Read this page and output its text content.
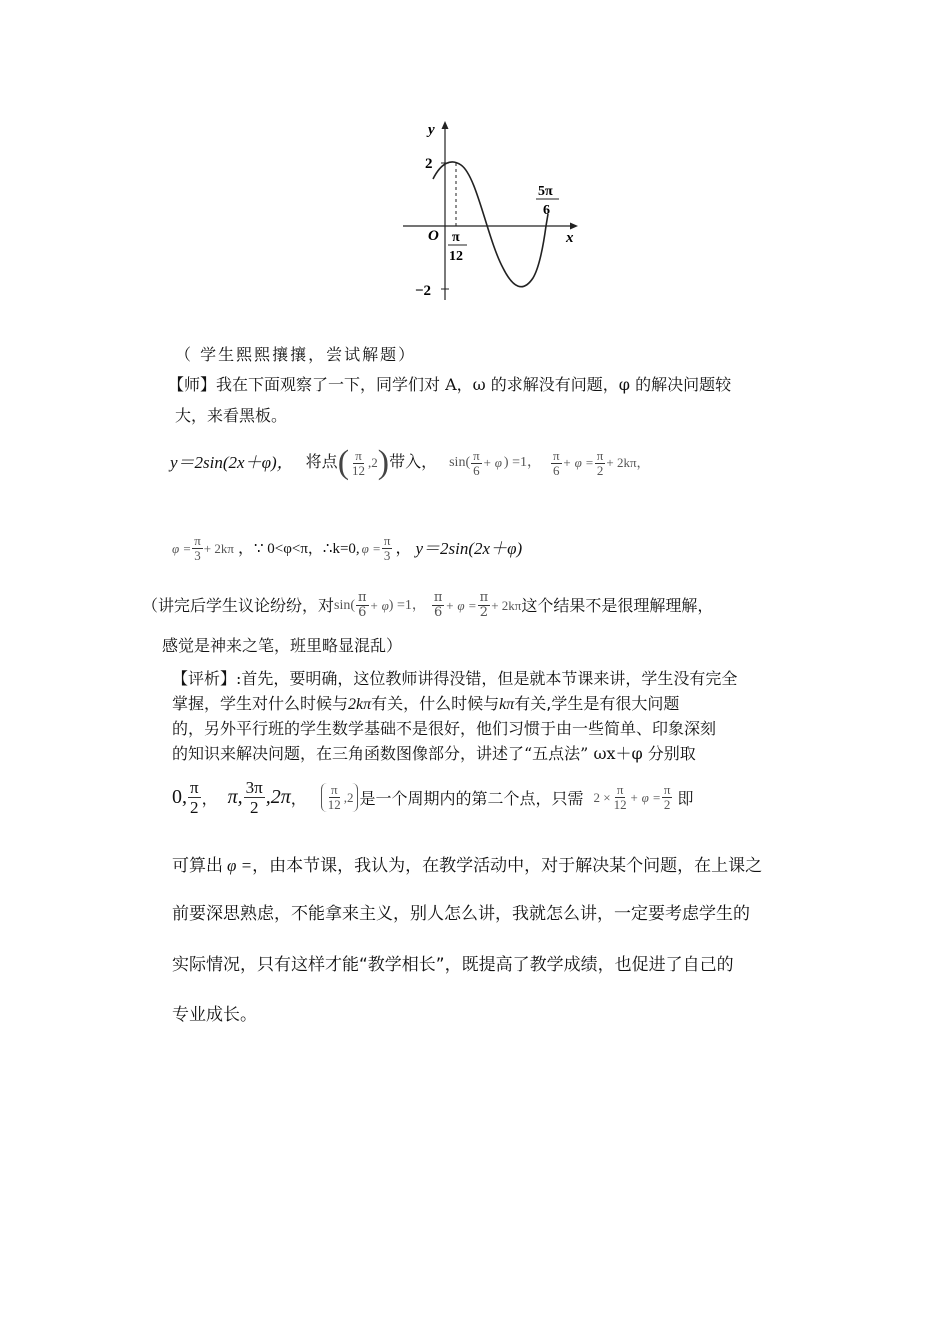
y
2
O	x
−2
π
12
5π
6
（ 学生熙熙攘攘，尝试解题）
【师】我在下面观察了一下，同学们对 A，ω 的求解没有问题，φ 的解决问题较
大，来看黑板。
y＝2sin(2x＋φ)， 将点 ( $\frac{\pi}{12} ,2$ ) 带入， $\sin( \frac{\pi}{6} + \varphi$ ) =1， $\frac{\pi}{6} + \varphi = \frac{\pi}{2} + 2k\pi$，
$\varphi = \frac{\pi}{3} + 2k\pi$ ， ∵ 0<φ<π，∴k=0, $\varphi = \frac{\pi}{3}$ ， y＝2sin(2x＋φ)
（讲完后学生议论纷纷，对 $\sin( \frac{\pi}{6} + \varphi$ ) =1， $\frac{\pi}{6} + \varphi = \frac{\pi}{2} + 2k\pi$ 这个结果不是很理解理解，
感觉是神来之笔，班里略显混乱）
【评析】:首先，要明确，这位教师讲得没错，但是就本节课来讲，学生没有完全
掌握，学生对什么时候与2kπ有关，什么时候与kπ有关,学生是有很大问题
的，另外平行班的学生数学基础不是很好，他们习惯于由一些简单、印象深刻
的知识来解决问题，在三角函数图像部分，讲述了“五点法” ωx＋φ 分别取
0, $\frac{\pi}{2}$ ， π, $\frac{3\pi}{2} ,2\pi$ ， $\frac{\pi}{12} ,2$ 是一个周期内的第二个点，只需 $2 \times \frac{\pi}{12} + \varphi = \frac{\pi}{2}$ 即
可算出 φ =，由本节课，我认为，在教学活动中，对于解决某个问题，在上课之
前要深思熟虑，不能拿来主义，别人怎么讲，我就怎么讲，一定要考虑学生的
实际情况，只有这样才能“教学相长”，既提高了教学成绩，也促进了自己的
专业成长。
